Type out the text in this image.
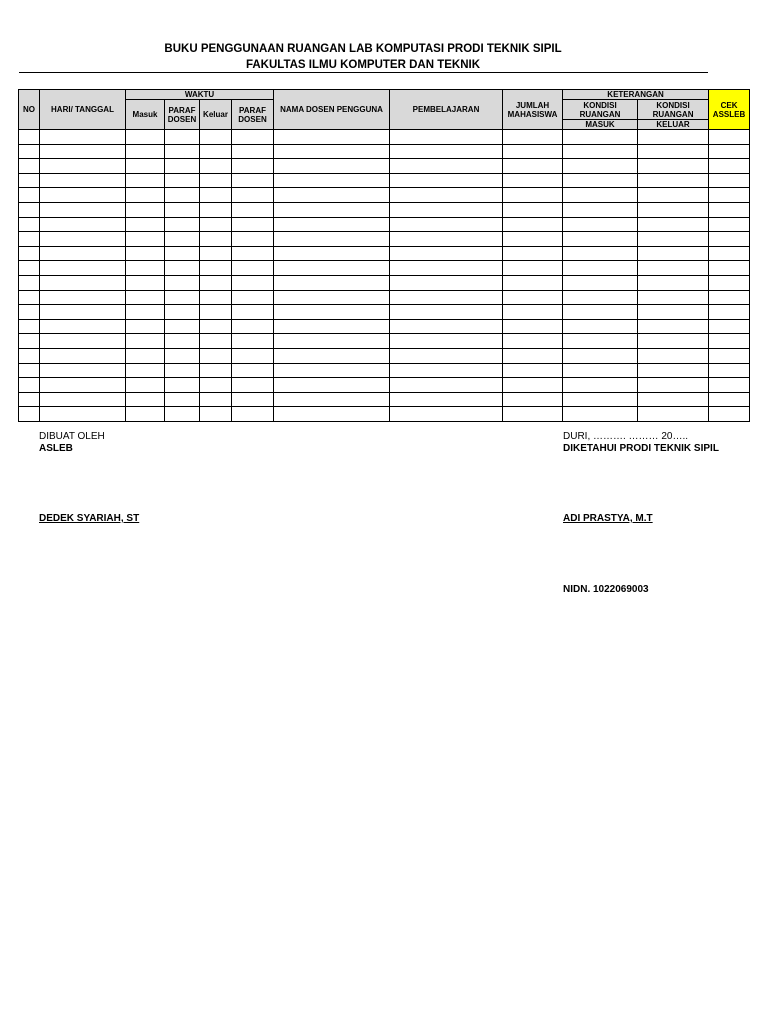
BUKU PENGGUNAAN RUANGAN LAB KOMPUTASI PRODI TEKNIK SIPIL
FAKULTAS ILMU KOMPUTER DAN TEKNIK
NO	HARI/ TANGGAL	WAKTU				NAMA DOSEN PENGGUNA	PEMBELAJARAN	JUMLAH MAHASISWA	KETERANGAN		CEK ASSLEB
		Masuk	PARAF DOSEN	Keluar	PARAF DOSEN				KONDISI RUANGAN	KONDISI RUANGAN	
									MASUK	KELUAR	

DIBUAT OLEH
ASLEB
DEDEK SYARIAH, ST
DURI, ………. ……… 20…..
DIKETAHUI PRODI TEKNIK SIPIL
ADI PRASTYA, M.T
NIDN. 1022069003
